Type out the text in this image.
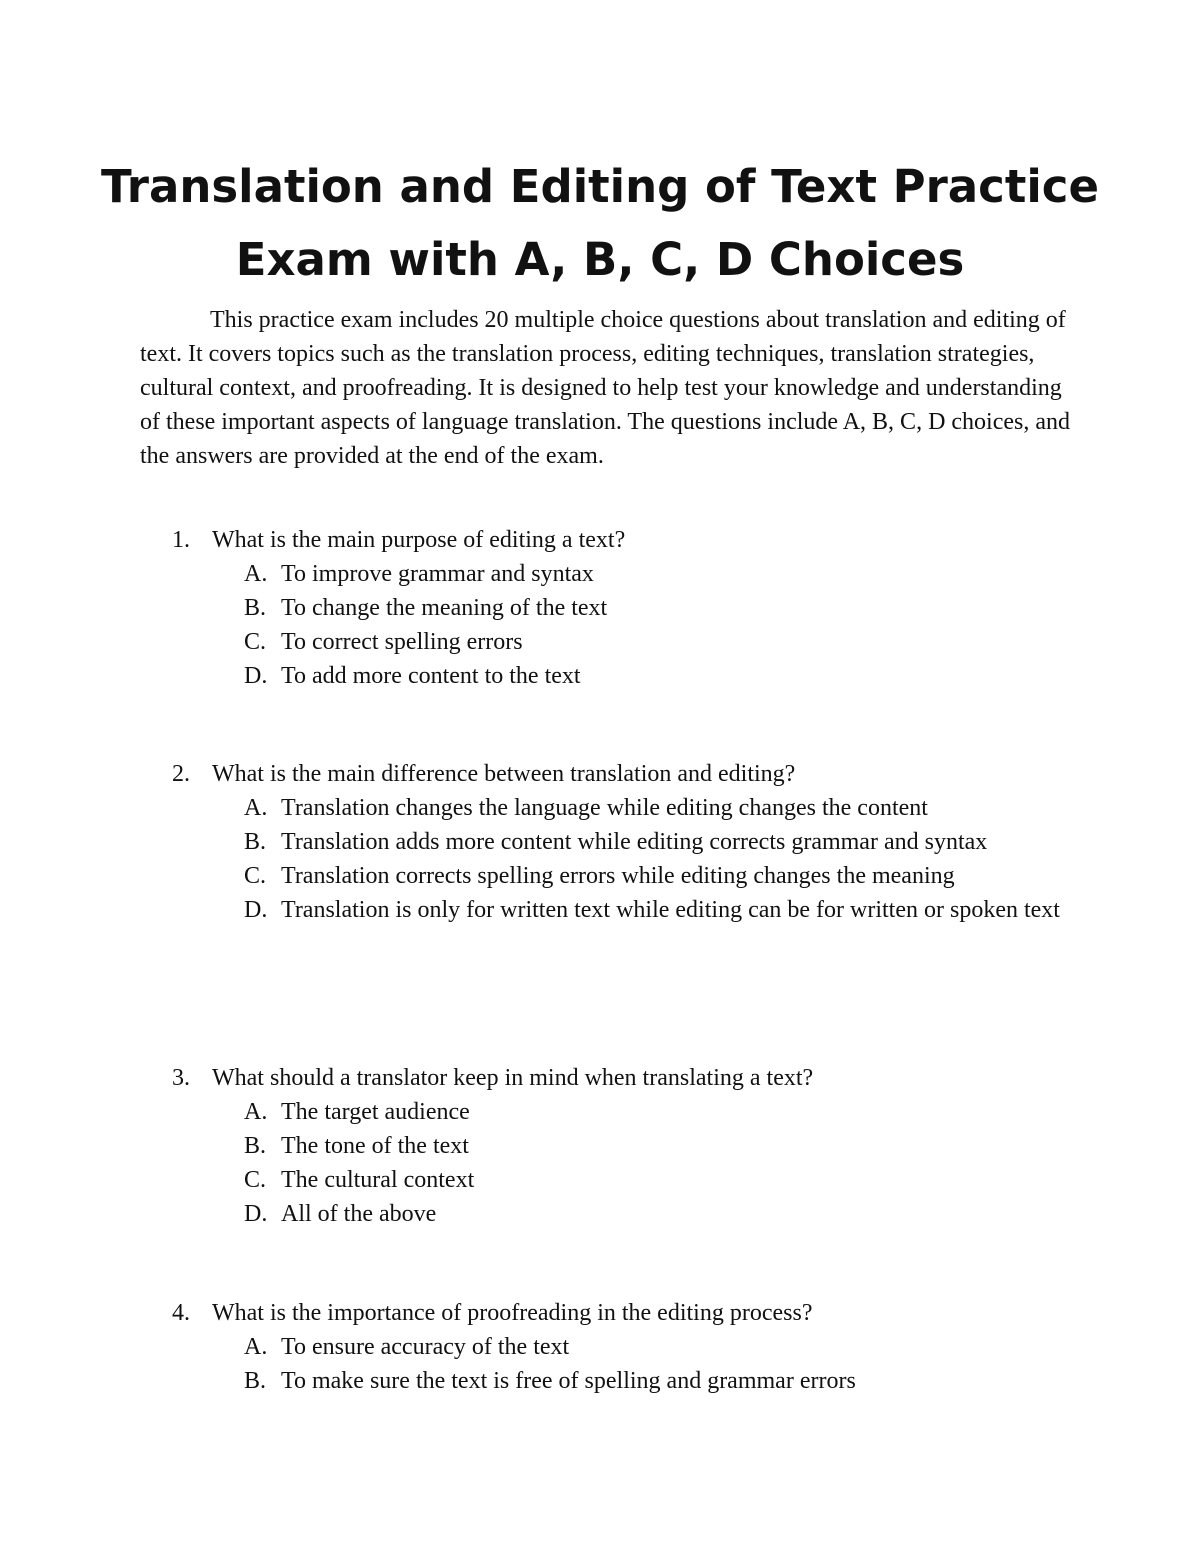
Translation and Editing of Text Practice
Exam with A, B, C, D Choices

This practice exam includes 20 multiple choice questions about translation and editing of text. It covers topics such as the translation process, editing techniques, translation strategies, cultural context, and proofreading. It is designed to help test your knowledge and understanding of these important aspects of language translation. The questions include A, B, C, D choices, and the answers are provided at the end of the exam.

1. What is the main purpose of editing a text?
A. To improve grammar and syntax
B. To change the meaning of the text
C. To correct spelling errors
D. To add more content to the text
2. What is the main difference between translation and editing?
A. Translation changes the language while editing changes the content
B. Translation adds more content while editing corrects grammar and syntax
C. Translation corrects spelling errors while editing changes the meaning
D. Translation is only for written text while editing can be for written or spoken text
3. What should a translator keep in mind when translating a text?
A. The target audience
B. The tone of the text
C. The cultural context
D. All of the above
4. What is the importance of proofreading in the editing process?
A. To ensure accuracy of the text
B. To make sure the text is free of spelling and grammar errors
